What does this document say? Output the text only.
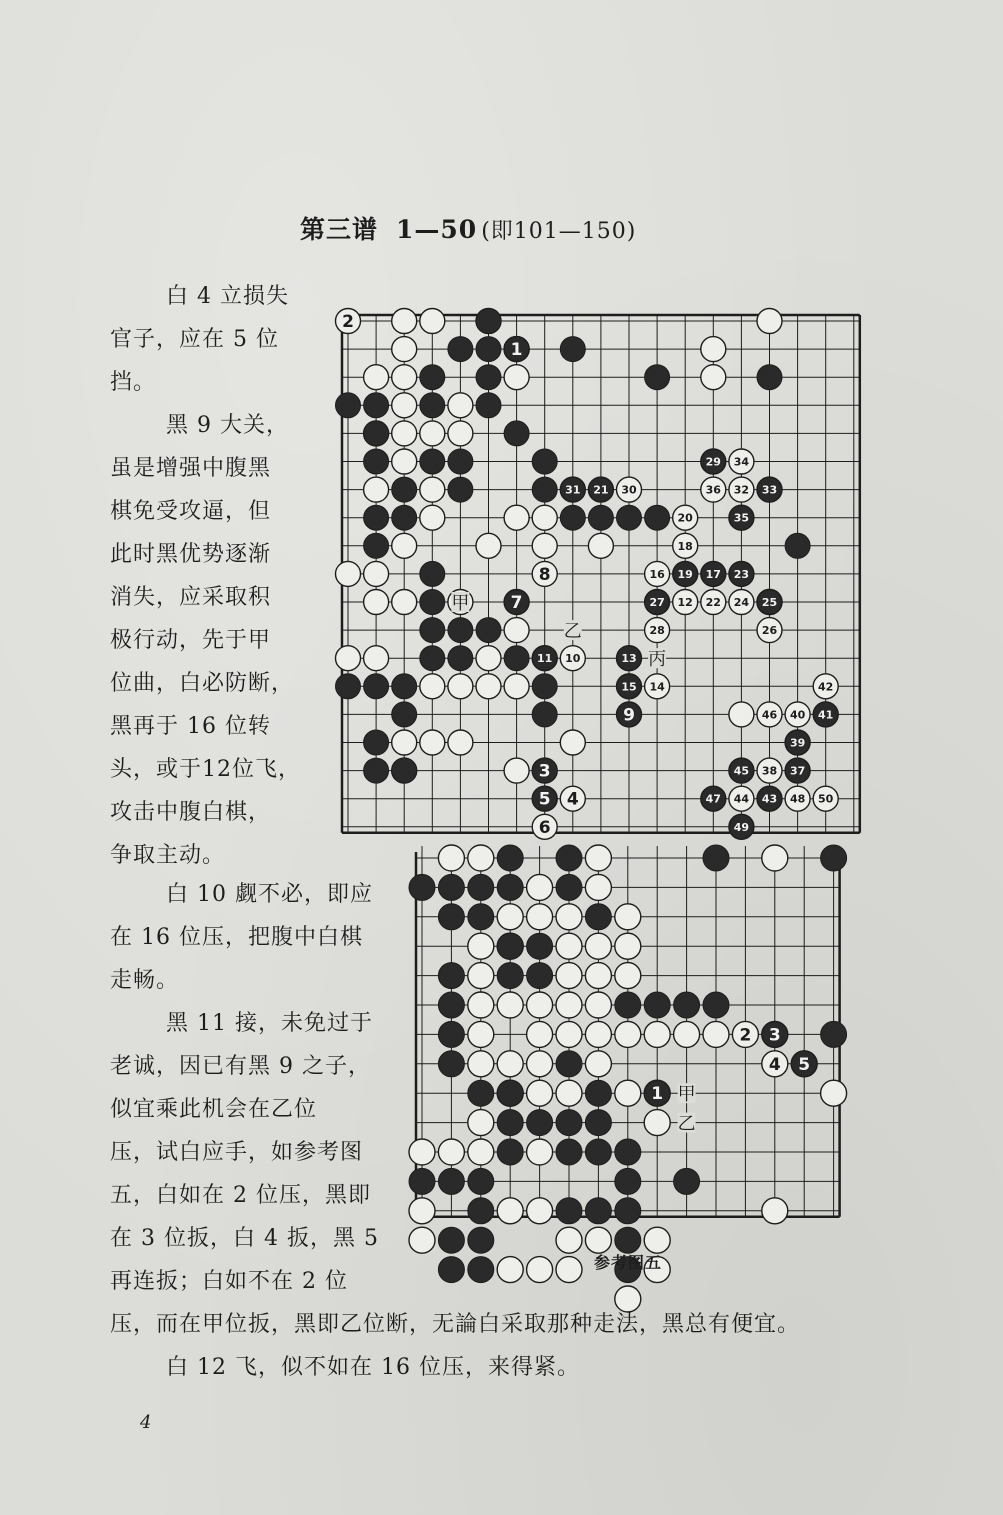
第三谱 1—50 (即101—150)

白 4 立损失

官子，应在 5 位

挡。

黑 9 大关，

虽是增强中腹黑

棋免受攻逼，但

此时黑优势逐渐

消失，应采取积

极行动，先于甲

位曲，白必防断，

黑再于 16 位转

头，或于12位飞，

攻击中腹白棋，

争取主动。

2
1
29 34
31 21 30	36 32 33
20	35
18
8	16 19 17 23
7	27 12 22 24 25
28	26
11 10	13
15 14	42
9	46 40 41
39
3	45 38 37
5 4	47 44 43 48 50
6	49
甲
乙
丙

白 10 觑不必，即应

在 16 位压，把腹中白棋

走畅。

黑 11 接，未免过于

老诚，因已有黑 9 之子，

似宜乘此机会在乙位

压，试白应手，如参考图

五，白如在 2 位压，黑即

在 3 位扳，白 4 扳，黑 5

再连扳；白如不在 2 位

2 3
4 5
1 甲
乙
参考图五
压，而在甲位扳，黑即乙位断，无論白采取那种走法，黑总有便宜。

白 12 飞，似不如在 16 位压，来得紧。

4
